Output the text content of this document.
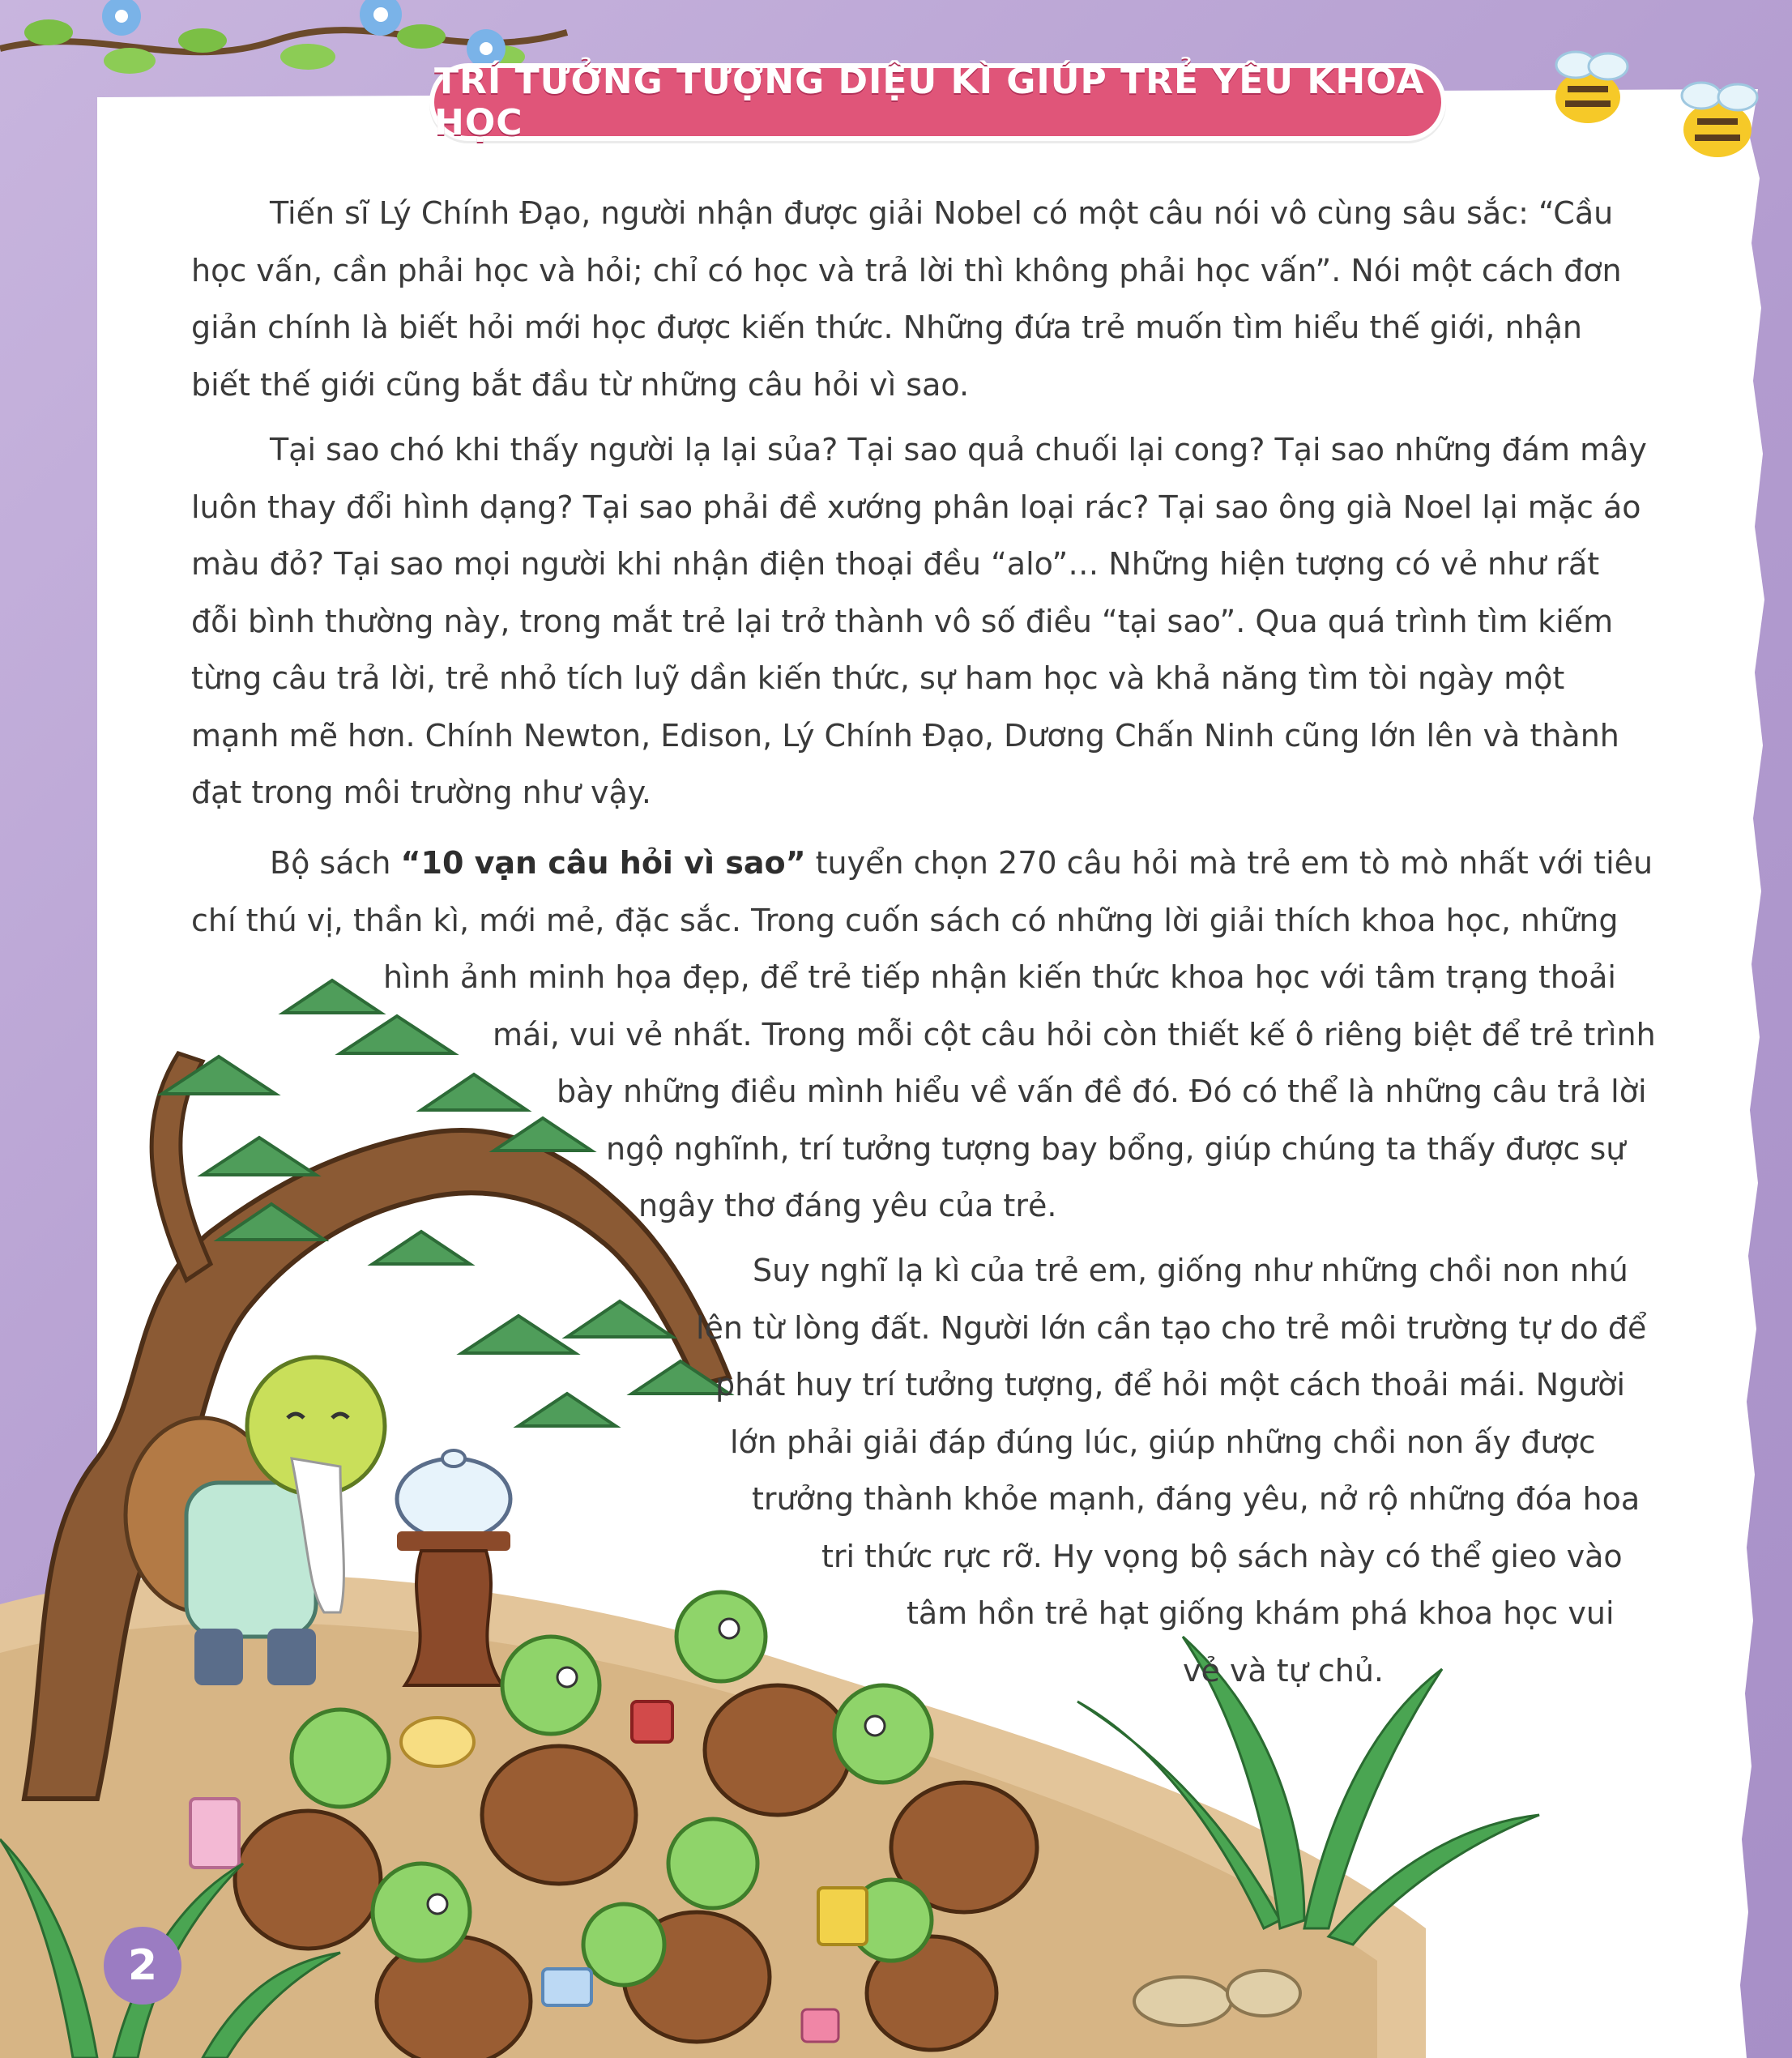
TRÍ TƯỞNG TƯỢNG DIỆU KÌ GIÚP TRẺ YÊU KHOA HỌC
Tiến sĩ Lý Chính Đạo, người nhận được giải Nobel có một câu nói vô cùng sâu sắc: “Cầu
học vấn, cần phải học và hỏi; chỉ có học và trả lời thì không phải học vấn”. Nói một cách đơn
giản chính là biết hỏi mới học được kiến thức. Những đứa trẻ muốn tìm hiểu thế giới, nhận
biết thế giới cũng bắt đầu từ những câu hỏi vì sao.
Tại sao chó khi thấy người lạ lại sủa? Tại sao quả chuối lại cong? Tại sao những đám mây
luôn thay đổi hình dạng? Tại sao phải đề xướng phân loại rác? Tại sao ông già Noel lại mặc áo
màu đỏ? Tại sao mọi người khi nhận điện thoại đều “alo”… Những hiện tượng có vẻ như rất
đỗi bình thường này, trong mắt trẻ lại trở thành vô số điều “tại sao”. Qua quá trình tìm kiếm
từng câu trả lời, trẻ nhỏ tích luỹ dần kiến thức, sự ham học và khả năng tìm tòi ngày một
mạnh mẽ hơn. Chính Newton, Edison, Lý Chính Đạo, Dương Chấn Ninh cũng lớn lên và thành
đạt trong môi trường như vậy.
Bộ sách “10 vạn câu hỏi vì sao” tuyển chọn 270 câu hỏi mà trẻ em tò mò nhất với tiêu
chí thú vị, thần kì, mới mẻ, đặc sắc. Trong cuốn sách có những lời giải thích khoa học, những
hình ảnh minh họa đẹp, để trẻ tiếp nhận kiến thức khoa học với tâm trạng thoải
mái, vui vẻ nhất. Trong mỗi cột câu hỏi còn thiết kế ô riêng biệt để trẻ trình
bày những điều mình hiểu về vấn đề đó. Đó có thể là những câu trả lời
ngộ nghĩnh, trí tưởng tượng bay bổng, giúp chúng ta thấy được sự
ngây thơ đáng yêu của trẻ.
Suy nghĩ lạ kì của trẻ em, giống như những chồi non nhú
lên từ lòng đất. Người lớn cần tạo cho trẻ môi trường tự do để
phát huy trí tưởng tượng, để hỏi một cách thoải mái. Người
lớn phải giải đáp đúng lúc, giúp những chồi non ấy được
trưởng thành khỏe mạnh, đáng yêu, nở rộ những đóa hoa
tri thức rực rỡ. Hy vọng bộ sách này có thể gieo vào
tâm hồn trẻ hạt giống khám phá khoa học vui
vẻ và tự chủ.
2
